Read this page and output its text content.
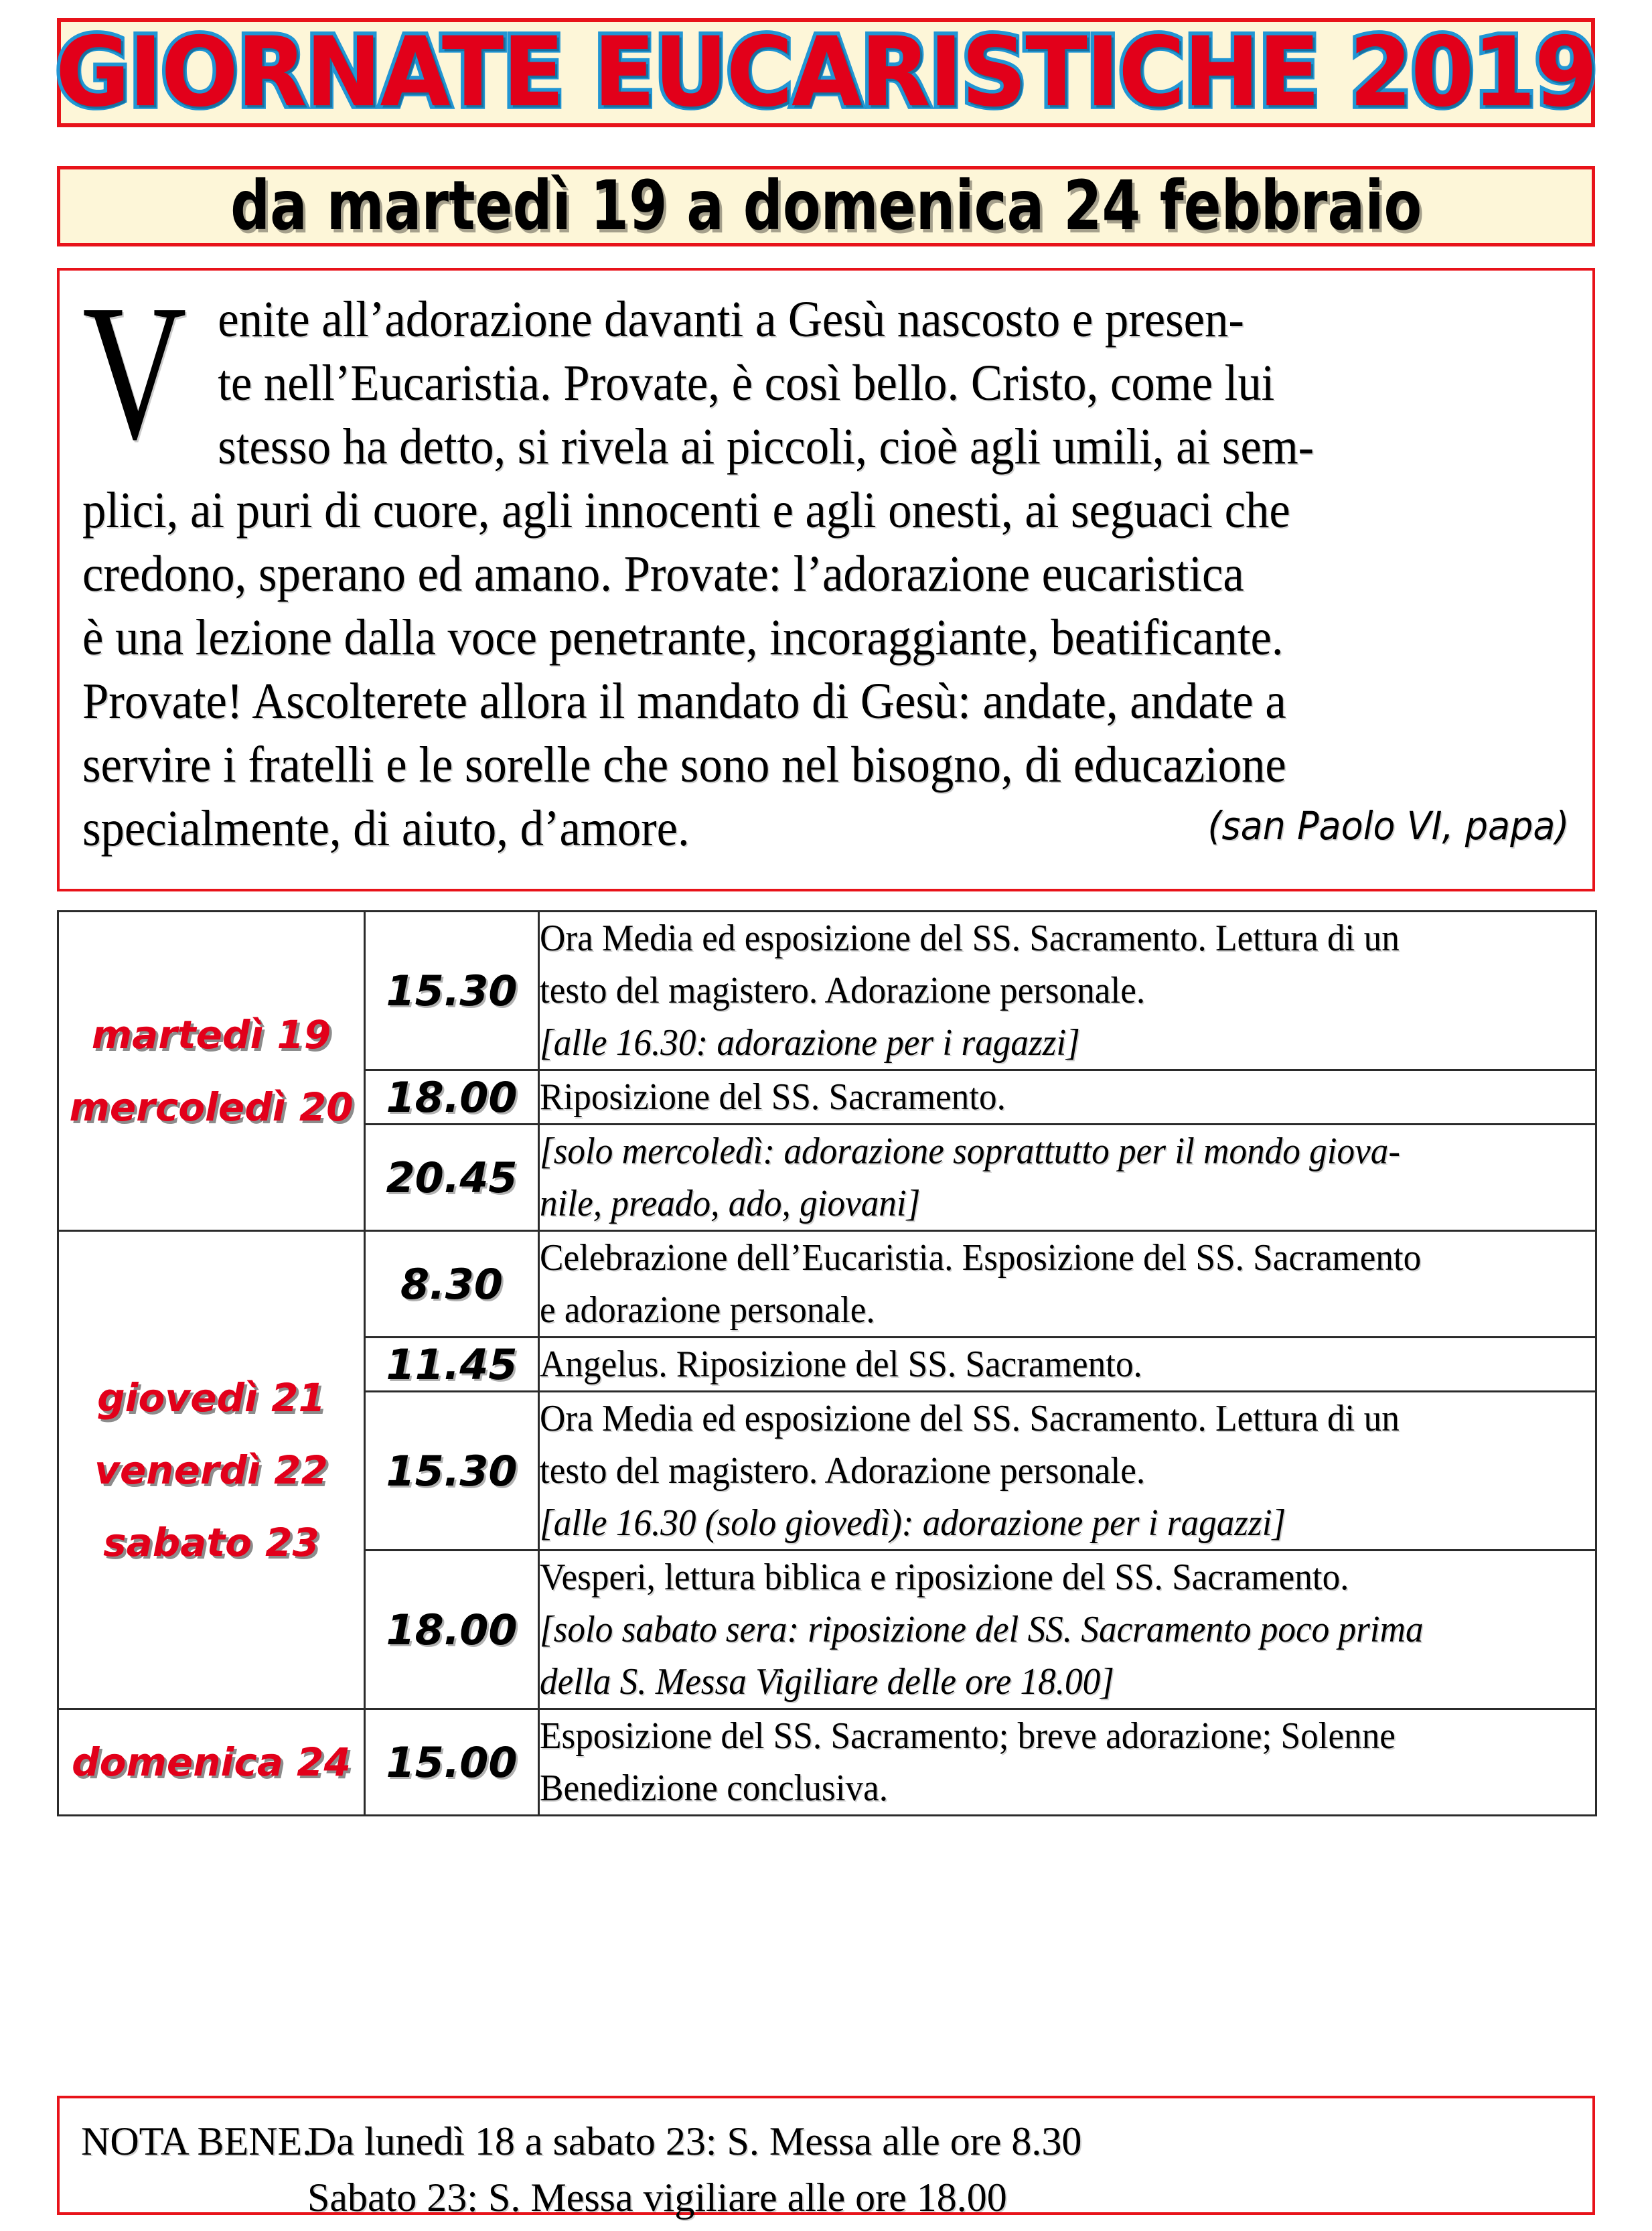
GIORNATE EUCARISTICHE 2019
da martedì 19 a domenica 24 febbraio
V enite all’adorazione davanti a Gesù nascosto e presen-
te nell’Eucaristia. Provate, è così bello. Cristo, come lui
stesso ha detto, si rivela ai piccoli, cioè agli umili, ai sem-
plici, ai puri di cuore, agli innocenti e agli onesti, ai seguaci che
credono, sperano ed amano. Provate: l’adorazione eucaristica
è una lezione dalla voce penetrante, incoraggiante, beatificante.
Provate! Ascolterete allora il mandato di Gesù: andate, andate a
servire i fratelli e le sorelle che sono nel bisogno, di educazione
specialmente, di aiuto, d’amore.	(san Paolo VI, papa)
martedì 19
mercoledì 20	15.30	Ora Media ed esposizione del SS. Sacramento. Lettura di un
testo del magistero. Adorazione personale.
[alle 16.30: adorazione per i ragazzi]

	18.00	Riposizione del SS. Sacramento.

	20.45	[solo mercoledì: adorazione soprattutto per il mondo giova-
nile, preado, ado, giovani]

giovedì 21
venerdì 22
sabato 23	8.30	Celebrazione dell’Eucaristia. Esposizione del SS. Sacramento
e adorazione personale.

	11.45	Angelus. Riposizione del SS. Sacramento.

	15.30	Ora Media ed esposizione del SS. Sacramento. Lettura di un
testo del magistero. Adorazione personale.
[alle 16.30 (solo giovedì): adorazione per i ragazzi]

	18.00	Vesperi, lettura biblica e riposizione del SS. Sacramento.
[solo sabato sera: riposizione del SS. Sacramento poco prima
della S. Messa Vigiliare delle ore 18.00]

domenica 24	15.00	Esposizione del SS. Sacramento; breve adorazione; Solenne
Benedizione conclusiva.
NOTA BENE.Da lunedì 18 a sabato 23: S. Messa alle ore 8.30
Sabato 23: S. Messa vigiliare alle ore 18.00
